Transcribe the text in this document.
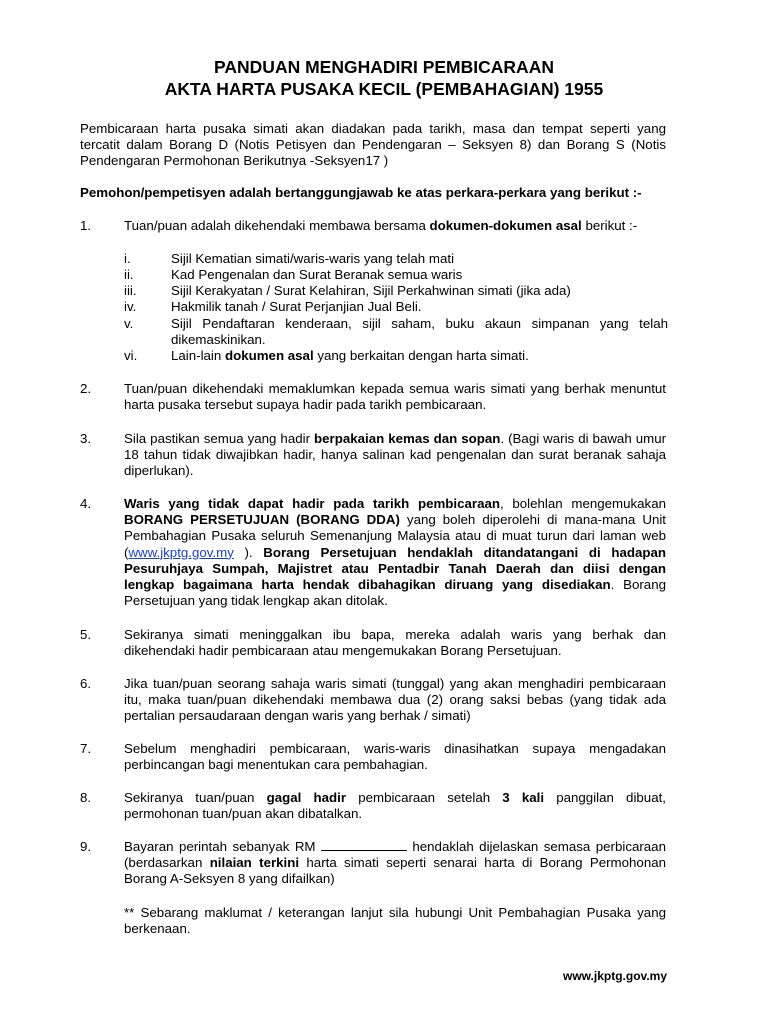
PANDUAN MENGHADIRI PEMBICARAAN
AKTA HARTA PUSAKA KECIL (PEMBAHAGIAN) 1955
Pembicaraan harta pusaka simati akan diadakan pada tarikh, masa dan tempat seperti yang tercatit dalam Borang D (Notis Petisyen dan Pendengaran – Seksyen 8) dan Borang S (Notis Pendengaran Permohonan Berikutnya -Seksyen17 )
Pemohon/pempetisyen adalah bertanggungjawab ke atas perkara-perkara yang berikut :-
1. Tuan/puan adalah dikehendaki membawa bersama dokumen-dokumen asal berikut :-
i.	Sijil Kematian simati/waris-waris yang telah mati
ii.	Kad Pengenalan dan Surat Beranak semua waris
iii.	Sijil Kerakyatan / Surat Kelahiran, Sijil Perkahwinan simati (jika ada)
iv.	Hakmilik tanah / Surat Perjanjian Jual Beli.
v.	Sijil Pendaftaran kenderaan, sijil saham, buku akaun simpanan yang telah dikemaskinikan.
vi.	Lain-lain dokumen asal yang berkaitan dengan harta simati.
2. Tuan/puan dikehendaki memaklumkan kepada semua waris simati yang berhak menuntut harta pusaka tersebut supaya hadir pada tarikh pembicaraan.
3. Sila pastikan semua yang hadir berpakaian kemas dan sopan. (Bagi waris di bawah umur 18 tahun tidak diwajibkan hadir, hanya salinan kad pengenalan dan surat beranak sahaja diperlukan).
4. Waris yang tidak dapat hadir pada tarikh pembicaraan, bolehlan mengemukakan BORANG PERSETUJUAN (BORANG DDA) yang boleh diperolehi di mana-mana Unit Pembahagian Pusaka seluruh Semenanjung Malaysia atau di muat turun dari laman web (www.jkptg.gov.my ). Borang Persetujuan hendaklah ditandatangani di hadapan Pesuruhjaya Sumpah, Majistret atau Pentadbir Tanah Daerah dan diisi dengan lengkap bagaimana harta hendak dibahagikan diruang yang disediakan. Borang Persetujuan yang tidak lengkap akan ditolak.
5. Sekiranya simati meninggalkan ibu bapa, mereka adalah waris yang berhak dan dikehendaki hadir pembicaraan atau mengemukakan Borang Persetujuan.
6. Jika tuan/puan seorang sahaja waris simati (tunggal) yang akan menghadiri pembicaraan itu, maka tuan/puan dikehendaki membawa dua (2) orang saksi bebas (yang tidak ada pertalian persaudaraan dengan waris yang berhak / simati)
7. Sebelum menghadiri pembicaraan, waris-waris dinasihatkan supaya mengadakan perbincangan bagi menentukan cara pembahagian.
8. Sekiranya tuan/puan gagal hadir pembicaraan setelah 3 kali panggilan dibuat, permohonan tuan/puan akan dibatalkan.
9. Bayaran perintah sebanyak RM	hendaklah dijelaskan semasa perbicaraan (berdasarkan nilaian terkini harta simati seperti senarai harta di Borang Permohonan Borang A-Seksyen 8 yang difailkan)
** Sebarang maklumat / keterangan lanjut sila hubungi Unit Pembahagian Pusaka yang berkenaan.
www.jkptg.gov.my
